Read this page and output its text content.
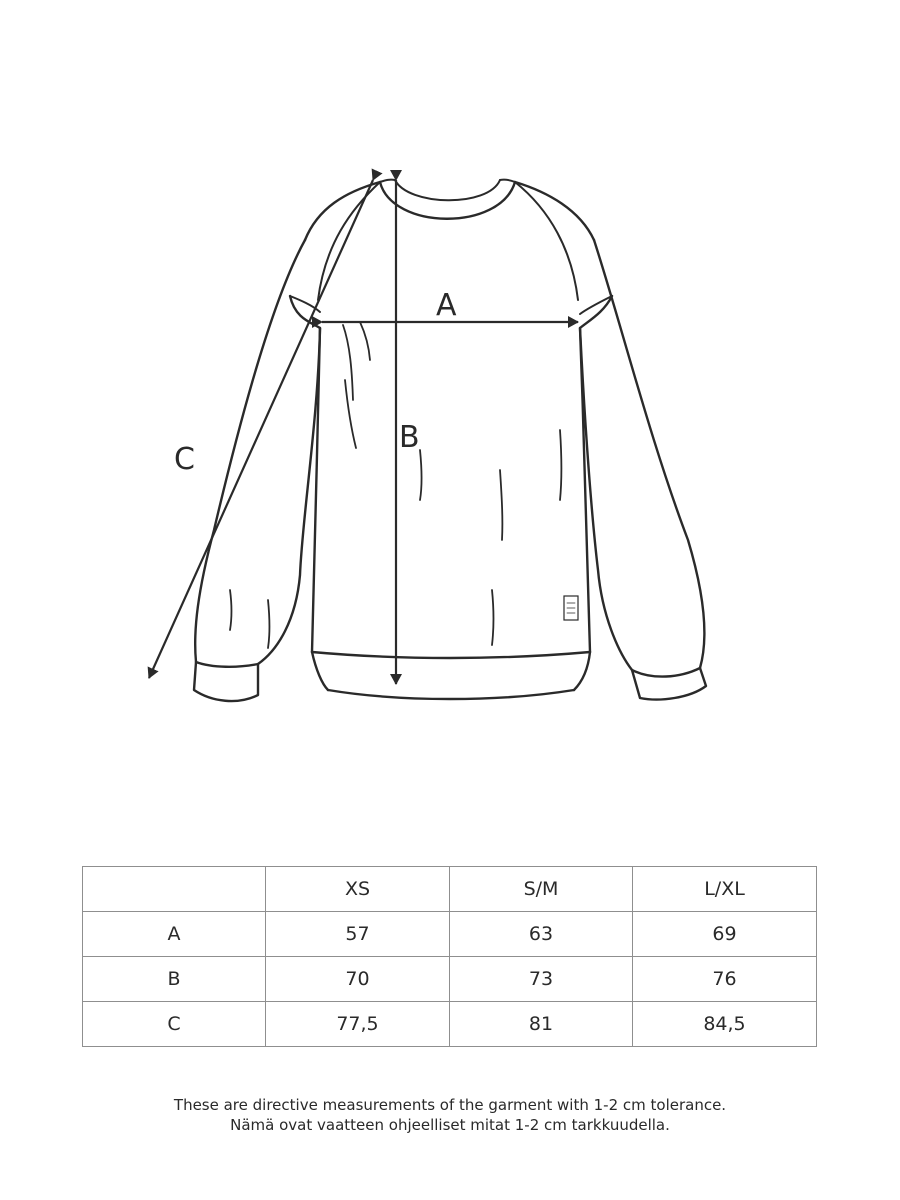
A
B
C
	XS	S/M	L/XL
A	57	63	69
B	70	73	76
C	77,5	81	84,5
These are directive measurements of the garment with 1-2 cm tolerance.
Nämä ovat vaatteen ohjeelliset mitat 1-2 cm tarkkuudella.
